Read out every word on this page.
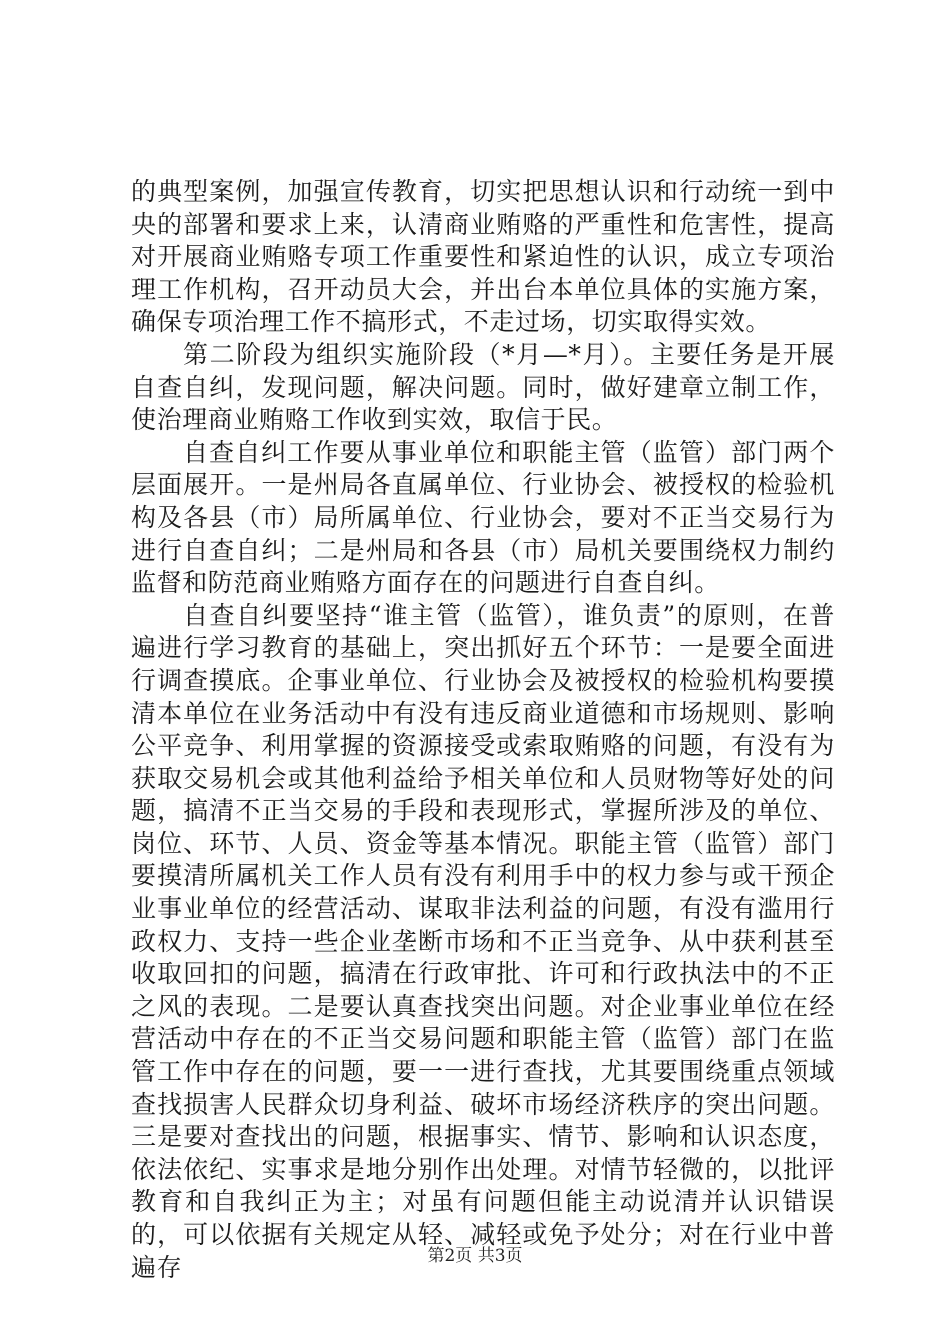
的典型案例，加强宣传教育，切实把思想认识和行动统一到中央的部署和要求上来，认清商业贿赂的严重性和危害性，提高对开展商业贿赂专项工作重要性和紧迫性的认识，成立专项治理工作机构，召开动员大会，并出台本单位具体的实施方案，确保专项治理工作不搞形式，不走过场，切实取得实效。

第二阶段为组织实施阶段（*月—*月）。主要任务是开展自查自纠，发现问题，解决问题。同时，做好建章立制工作，使治理商业贿赂工作收到实效，取信于民。

自查自纠工作要从事业单位和职能主管（监管）部门两个层面展开。一是州局各直属单位、行业协会、被授权的检验机构及各县（市）局所属单位、行业协会，要对不正当交易行为进行自查自纠；二是州局和各县（市）局机关要围绕权力制约监督和防范商业贿赂方面存在的问题进行自查自纠。

自查自纠要坚持“谁主管（监管），谁负责”的原则，在普遍进行学习教育的基础上，突出抓好五个环节：一是要全面进行调查摸底。企事业单位、行业协会及被授权的检验机构要摸清本单位在业务活动中有没有违反商业道德和市场规则、影响公平竞争、利用掌握的资源接受或索取贿赂的问题，有没有为获取交易机会或其他利益给予相关单位和人员财物等好处的问题，搞清不正当交易的手段和表现形式，掌握所涉及的单位、岗位、环节、人员、资金等基本情况。职能主管（监管）部门要摸清所属机关工作人员有没有利用手中的权力参与或干预企业事业单位的经营活动、谋取非法利益的问题，有没有滥用行政权力、支持一些企业垄断市场和不正当竞争、从中获利甚至收取回扣的问题，搞清在行政审批、许可和行政执法中的不正之风的表现。二是要认真查找突出问题。对企业事业单位在经营活动中存在的不正当交易问题和职能主管（监管）部门在监管工作中存在的问题，要一一进行查找，尤其要围绕重点领域查找损害人民群众切身利益、破坏市场经济秩序的突出问题。三是要对查找出的问题，根据事实、情节、影响和认识态度，依法依纪、实事求是地分别作出处理。对情节轻微的，以批评教育和自我纠正为主；对虽有问题但能主动说清并认识错误的，可以依据有关规定从轻、减轻或免予处分；对在行业中普遍存	第2页 共3页
